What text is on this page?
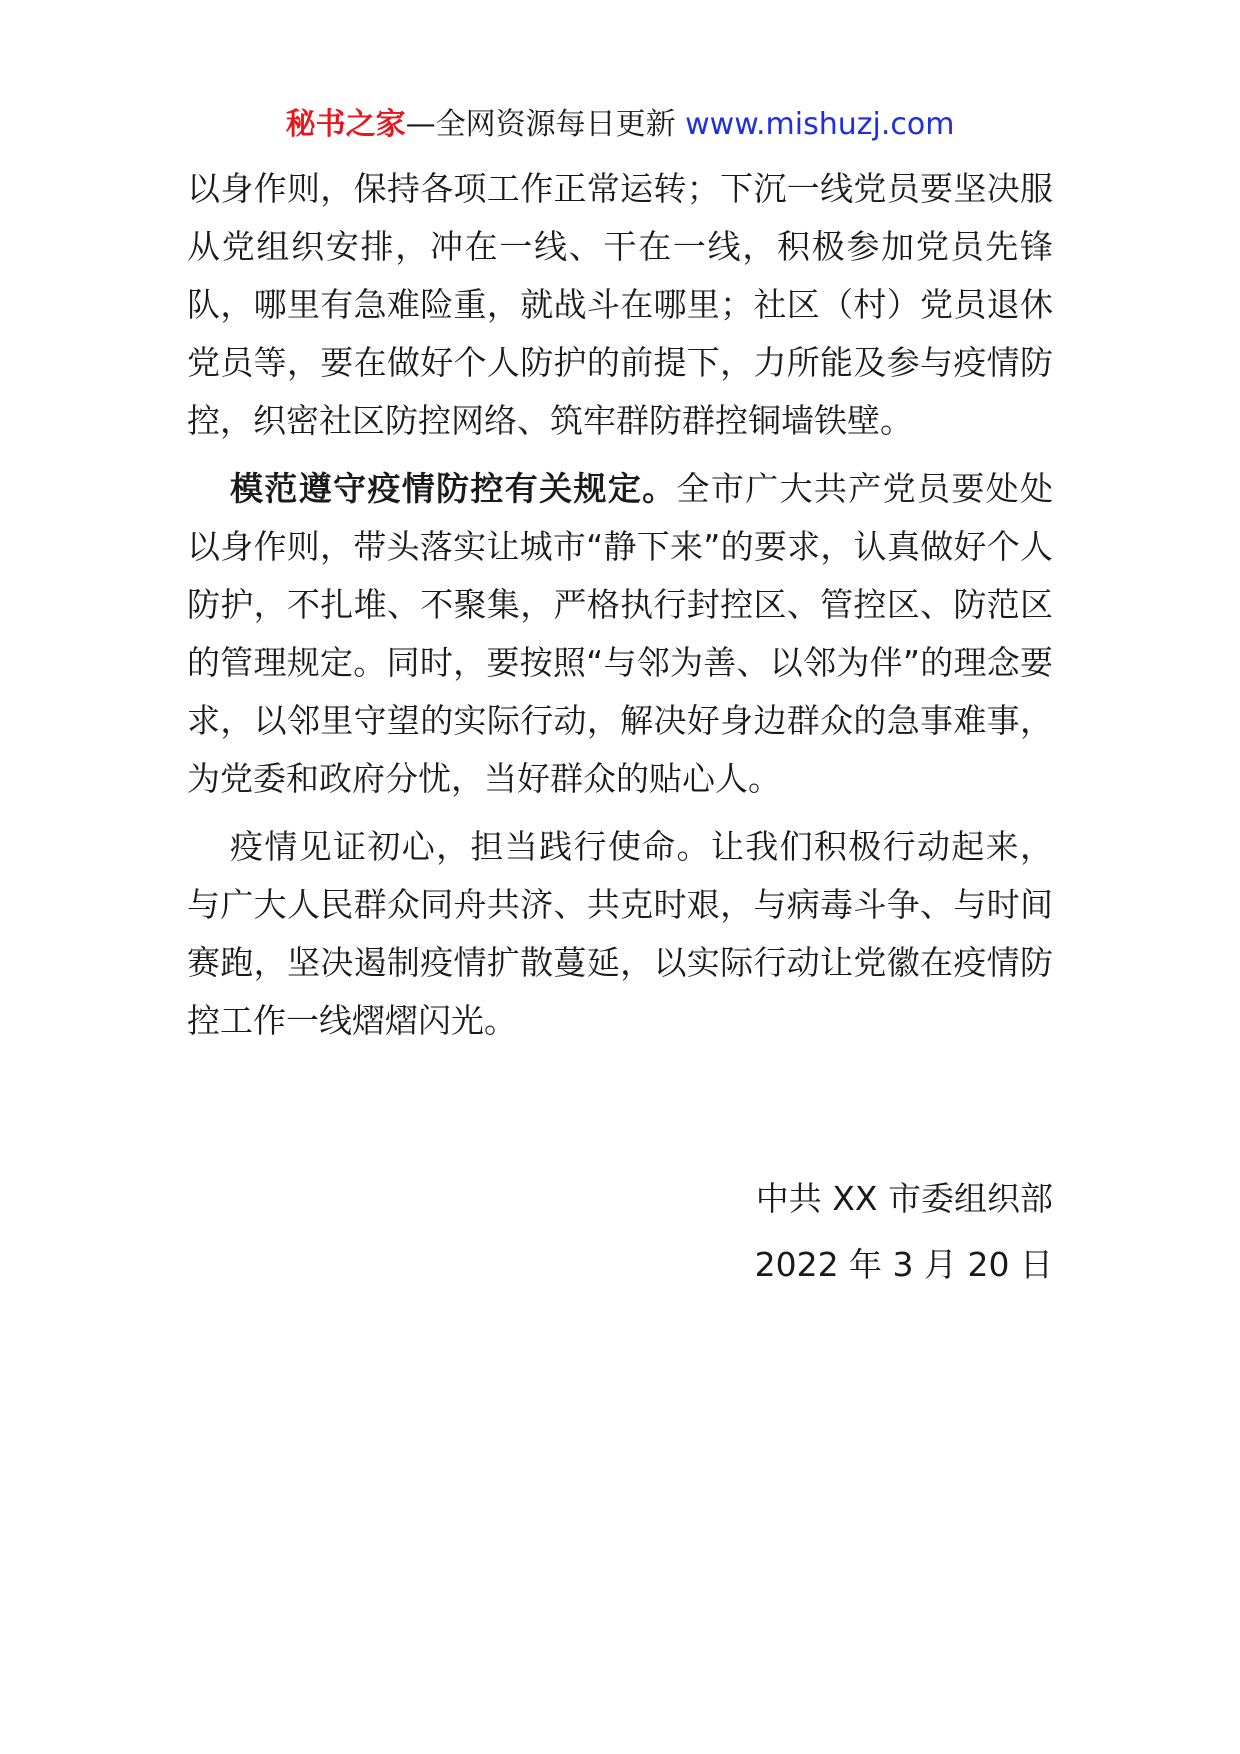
秘书之家—全网资源每日更新 www.mishuzj.com

以身作则，保持各项工作正常运转；下沉一线党员要坚决服从党组织安排，冲在一线、干在一线，积极参加党员先锋队，哪里有急难险重，就战斗在哪里；社区（村）党员退休党员等，要在做好个人防护的前提下，力所能及参与疫情防控，织密社区防控网络、筑牢群防群控铜墙铁壁。

模范遵守疫情防控有关规定。全市广大共产党员要处处以身作则，带头落实让城市“静下来”的要求，认真做好个人防护，不扎堆、不聚集，严格执行封控区、管控区、防范区的管理规定。同时，要按照“与邻为善、以邻为伴”的理念要求，以邻里守望的实际行动，解决好身边群众的急事难事，为党委和政府分忧，当好群众的贴心人。

疫情见证初心，担当践行使命。让我们积极行动起来，与广大人民群众同舟共济、共克时艰，与病毒斗争、与时间赛跑，坚决遏制疫情扩散蔓延，以实际行动让党徽在疫情防控工作一线熠熠闪光。

中共 XX 市委组织部
2022 年 3 月 20 日
